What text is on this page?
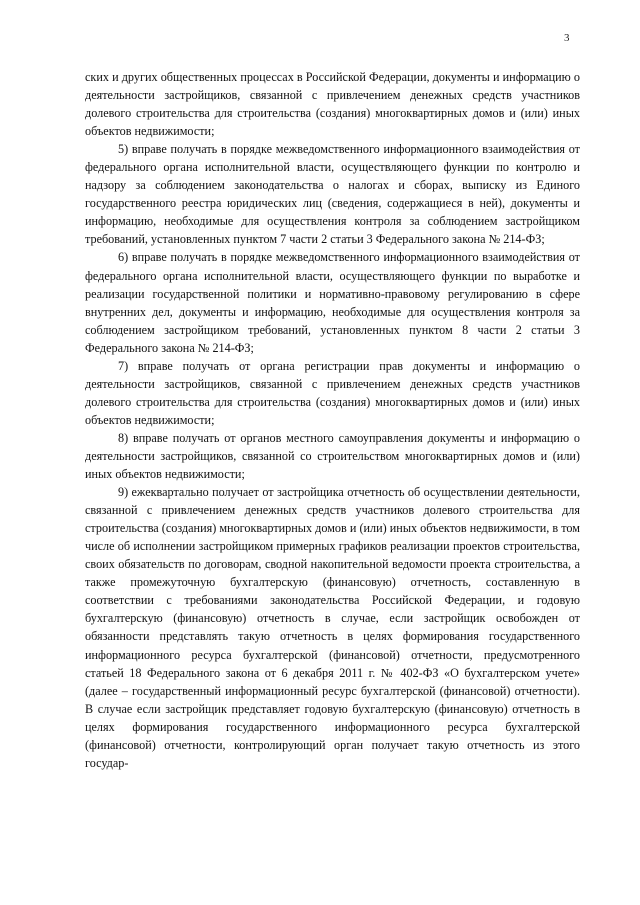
3

ских и других общественных процессах в Российской Федерации, документы и информацию о деятельности застройщиков, связанной с привлечением денежных средств участников долевого строительства для строительства (создания) многоквартирных домов и (или) иных объектов недвижимости;

5) вправе получать в порядке межведомственного информационного взаимодействия от федерального органа исполнительной власти, осуществляющего функции по контролю и надзору за соблюдением законодательства о налогах и сборах, выписку из Единого государственного реестра юридических лиц (сведения, содержащиеся в ней), документы и информацию, необходимые для осуществления контроля за соблюдением застройщиком требований, установленных пунктом 7 части 2 статьи 3 Федерального закона № 214-ФЗ;

6) вправе получать в порядке межведомственного информационного взаимодействия от федерального органа исполнительной власти, осуществляющего функции по выработке и реализации государственной политики и нормативно-правовому регулированию в сфере внутренних дел, документы и информацию, необходимые для осуществления контроля за соблюдением застройщиком требований, установленных пунктом 8 части 2 статьи 3 Федерального закона № 214-ФЗ;

7) вправе получать от органа регистрации прав документы и информацию о деятельности застройщиков, связанной с привлечением денежных средств участников долевого строительства для строительства (создания) многоквартирных домов и (или) иных объектов недвижимости;

8) вправе получать от органов местного самоуправления документы и информацию о деятельности застройщиков, связанной со строительством многоквартирных домов и (или) иных объектов недвижимости;

9) ежеквартально получает от застройщика отчетность об осуществлении деятельности, связанной с привлечением денежных средств участников долевого строительства для строительства (создания) многоквартирных домов и (или) иных объектов недвижимости, в том числе об исполнении застройщиком примерных графиков реализации проектов строительства, своих обязательств по договорам, сводной накопительной ведомости проекта строительства, а также промежуточную бухгалтерскую (финансовую) отчетность, составленную в соответствии с требованиями законодательства Российской Федерации, и годовую бухгалтерскую (финансовую) отчетность в случае, если застройщик освобожден от обязанности представлять такую отчетность в целях формирования государственного информационного ресурса бухгалтерской (финансовой) отчетности, предусмотренного статьей 18 Федерального закона от 6 декабря 2011 г. № 402-ФЗ «О бухгалтерском учете» (далее – государственный информационный ресурс бухгалтерской (финансовой) отчетности). В случае если застройщик представляет годовую бухгалтерскую (финансовую) отчетность в целях формирования государственного информационного ресурса бухгалтерской (финансовой) отчетности, контролирующий орган получает такую отчетность из этого государ-
